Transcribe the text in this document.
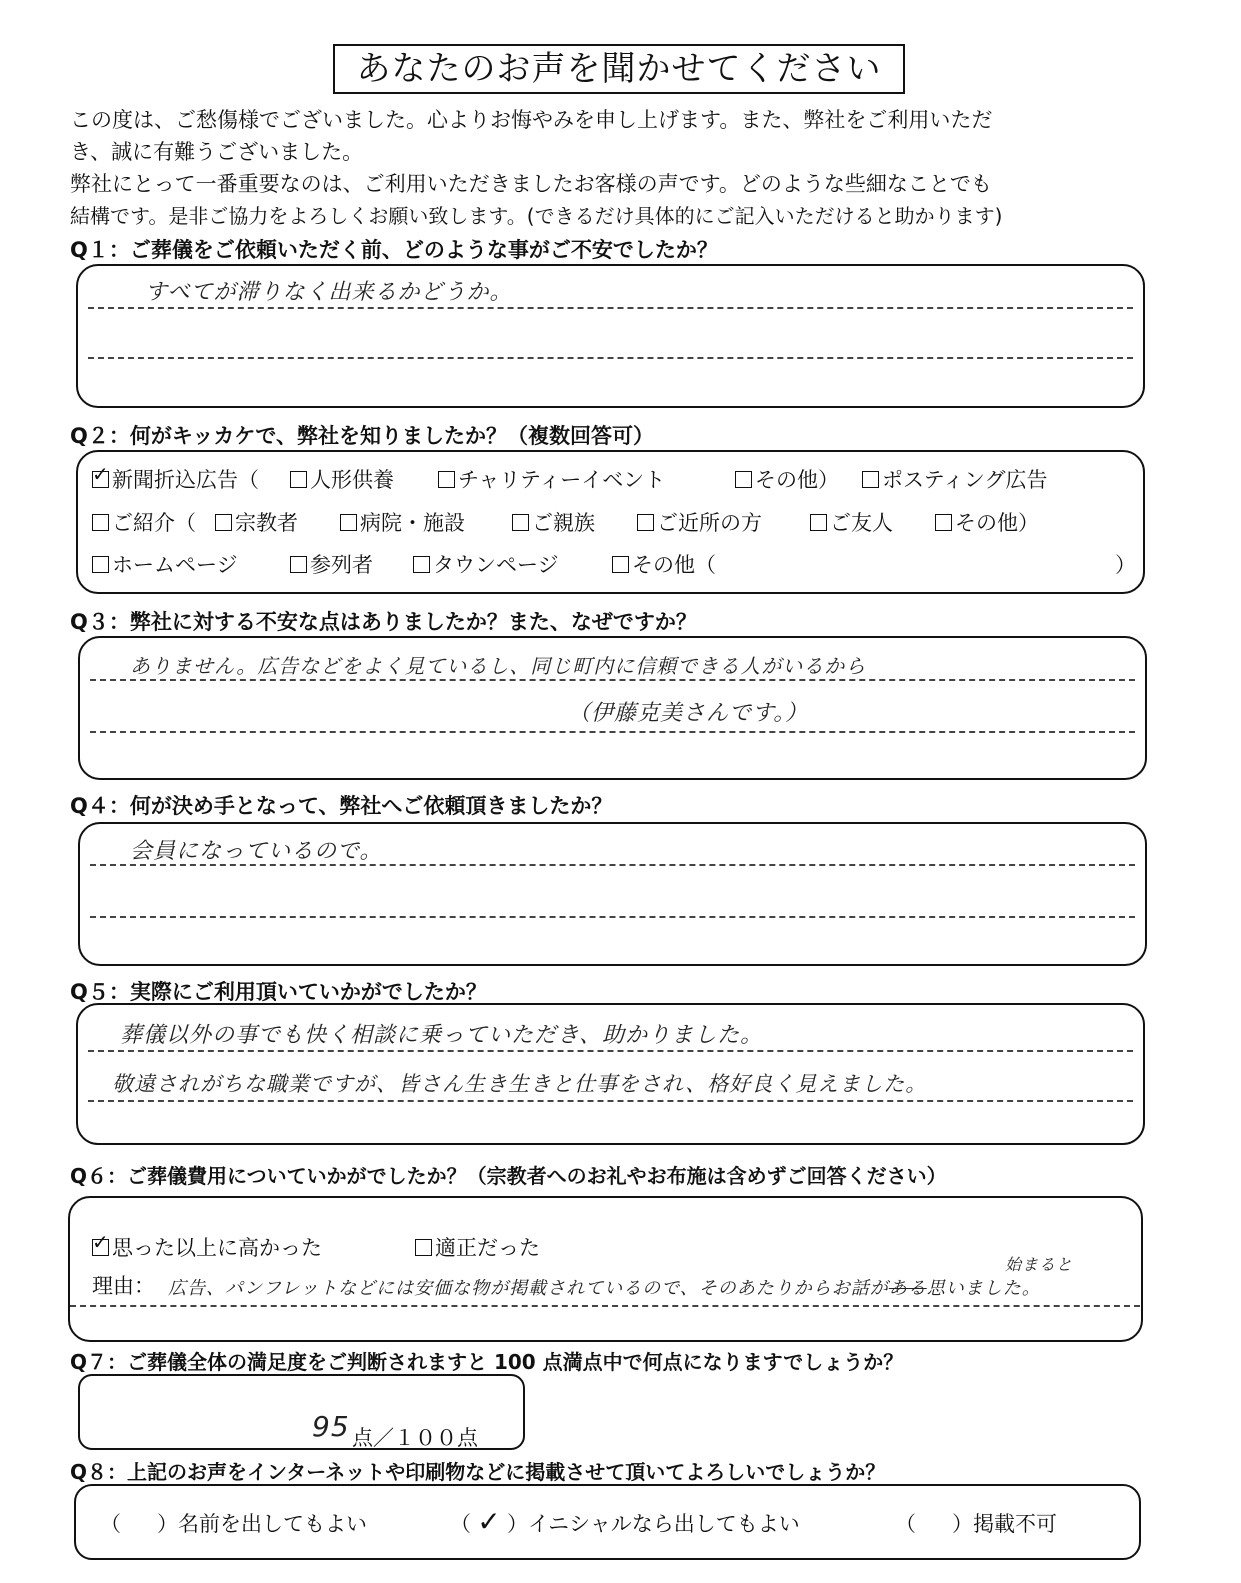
あなたのお声を聞かせてください
この度は、ご愁傷様でございました。心よりお悔やみを申し上げます。また、弊社をご利用いただ
き、誠に有難うございました。
弊社にとって一番重要なのは、ご利用いただきましたお客様の声です。どのような些細なことでも
結構です。是非ご協力をよろしくお願い致します。(できるだけ具体的にご記入いただけると助かります)
Q１：ご葬儀をご依頼いただく前、どのような事がご不安でしたか？
すべてが滞りなく出来るかどうか。
Q２：何がキッカケで、弊社を知りましたか？（複数回答可）
✓新聞折込広告（	人形供養	チャリティーイベント	その他）	ポスティング広告
ご紹介（	宗教者	病院・施設	ご親族	ご近所の方	ご友人	その他）
ホームページ	参列者	タウンページ	その他（	）
Q３：弊社に対する不安な点はありましたか？また、なぜですか？
ありません。広告などをよく見ているし、同じ町内に信頼できる人がいるから
（伊藤克美さんです。）
Q４：何が決め手となって、弊社へご依頼頂きましたか？
会員になっているので。
Q５：実際にご利用頂いていかがでしたか？
葬儀以外の事でも快く相談に乗っていただき、助かりました。
敬遠されがちな職業ですが、皆さん生き生きと仕事をされ、格好良く見えました。
Q６：ご葬儀費用についていかがでしたか？（宗教者へのお礼やお布施は含めずご回答ください）
✓思った以上に高かった	適正だった
理由： 広告、パンフレットなどには安価な物が掲載されているので、そのあたりからお話がある思いました。
始まると
Q７：ご葬儀全体の満足度をご判断されますと 100 点満点中で何点になりますでしょうか？
95 点／１００点
Q８：上記のお声をインターネットや印刷物などに掲載させて頂いてよろしいでしょうか？
（ ）名前を出してもよい	（ ✓ ）イニシャルなら出してもよい	（ ）掲載不可
